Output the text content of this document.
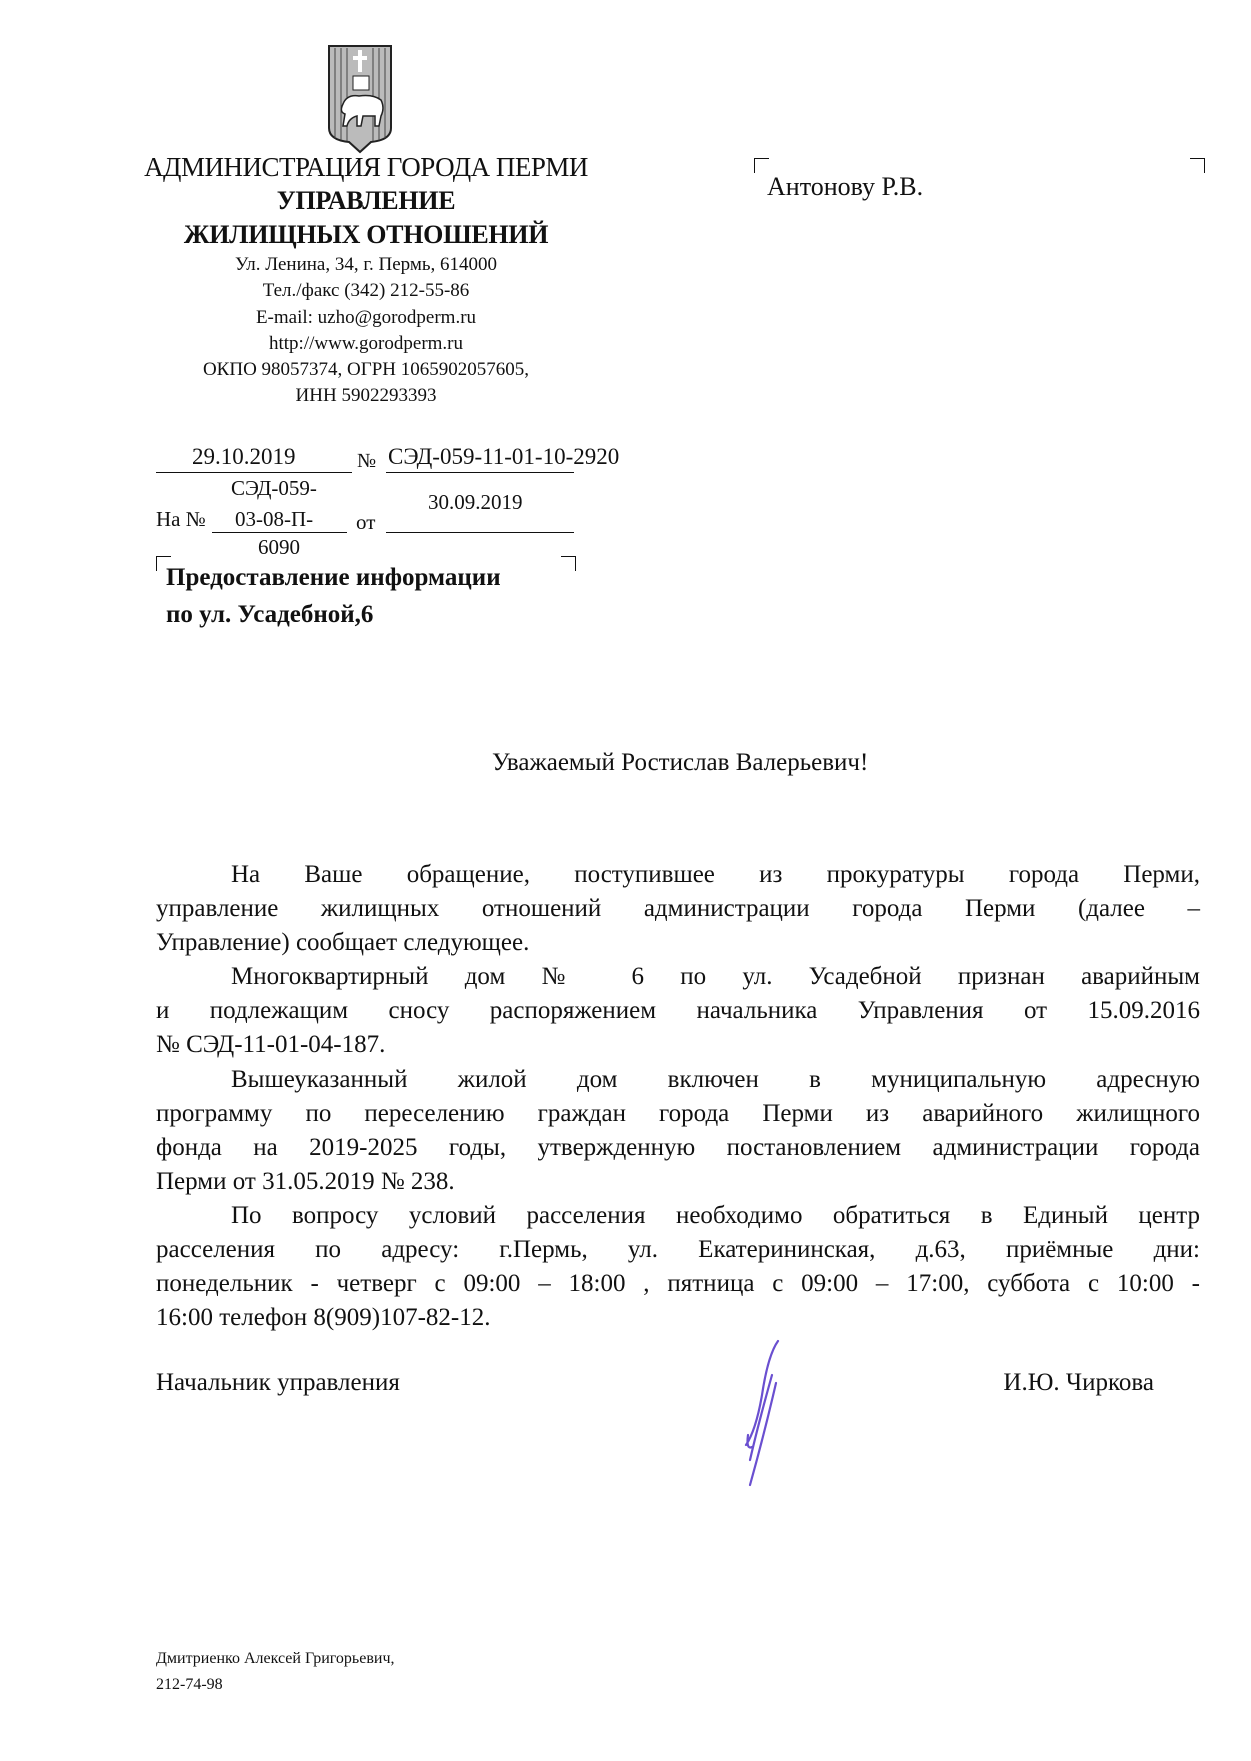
АДМИНИСТРАЦИЯ ГОРОДА ПЕРМИ
УПРАВЛЕНИЕ
ЖИЛИЩНЫХ ОТНОШЕНИЙ
Ул. Ленина, 34, г. Пермь, 614000
Тел./факс (342) 212-55-86
E-mail: uzho@gorodperm.ru
http://www.gorodperm.ru
ОКПО 98057374, ОГРН 1065902057605,
ИНН 5902293393
Антонову Р.В.
29.10.2019	№ СЭД-059-11-01-10-2920
СЭД-059-
На № 03-08-П- от
30.09.2019
6090
Предоставление информации
по ул. Усадебной,6
Уважаемый Ростислав Валерьевич!
На Ваше обращение, поступившее из прокуратуры города Перми,
управление жилищных отношений администрации города Перми (далее –
Управление) сообщает следующее.
Многоквартирный дом № 6 по ул. Усадебной признан аварийным
и подлежащим сносу распоряжением начальника Управления от 15.09.2016
№ СЭД-11-01-04-187.
Вышеуказанный жилой дом включен в муниципальную адресную
программу по переселению граждан города Перми из аварийного жилищного
фонда на 2019-2025 годы, утвержденную постановлением администрации города
Перми от 31.05.2019 № 238.
По вопросу условий расселения необходимо обратиться в Единый центр
расселения по адресу: г.Пермь, ул. Екатерининская, д.63, приёмные дни:
понедельник - четверг с 09:00 – 18:00 , пятница с 09:00 – 17:00, суббота с 10:00 -
16:00 телефон 8(909)107-82-12.
Начальник управления	И.Ю. Чиркова
Дмитриенко Алексей Григорьевич,
212-74-98
